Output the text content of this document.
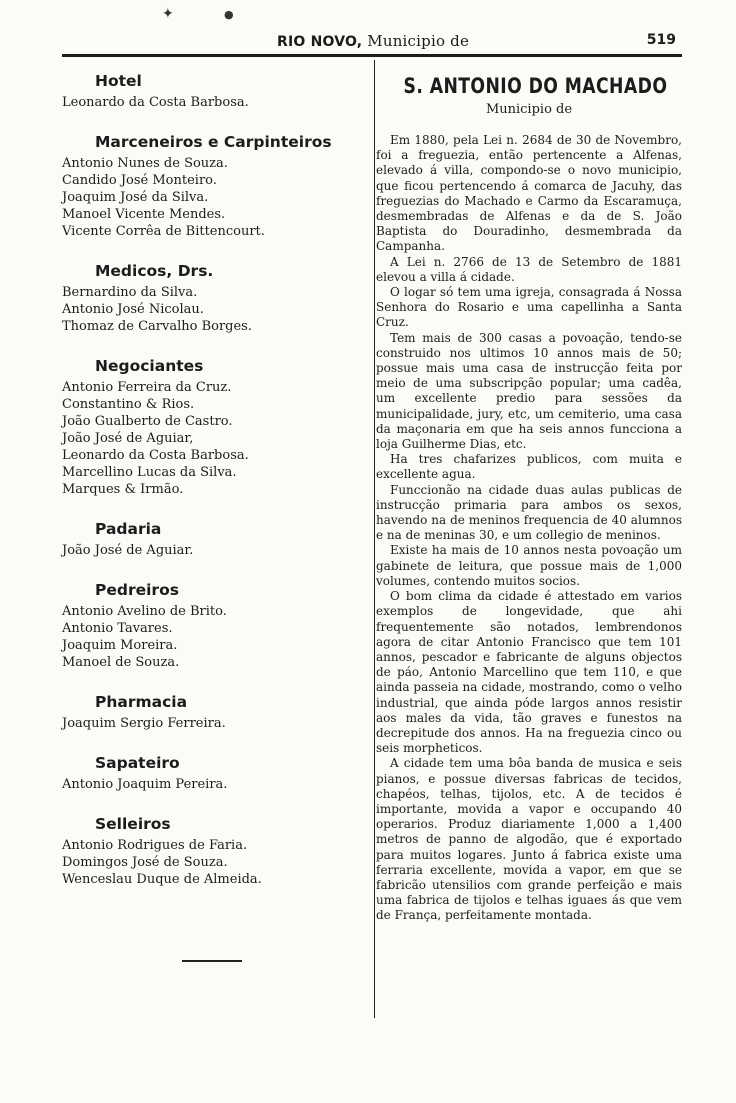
RIO NOVO, Municipio de	519
✦	●
Hotel
Leonardo da Costa Barbosa.
Marceneiros e Carpinteiros
Antonio Nunes de Souza.
Candido José Monteiro.
Joaquim José da Silva.
Manoel Vicente Mendes.
Vicente Corrêa de Bittencourt.
Medicos, Drs.
Bernardino da Silva.
Antonio José Nicolau.
Thomaz de Carvalho Borges.
Negociantes
Antonio Ferreira da Cruz.
Constantino & Rios.
João Gualberto de Castro.
João José de Aguiar,
Leonardo da Costa Barbosa.
Marcellino Lucas da Silva.
Marques & Irmão.
Padaria
João José de Aguiar.
Pedreiros
Antonio Avelino de Brito.
Antonio Tavares.
Joaquim Moreira.
Manoel de Souza.
Pharmacia
Joaquim Sergio Ferreira.
Sapateiro
Antonio Joaquim Pereira.
Selleiros
Antonio Rodrigues de Faria.
Domingos José de Souza.
Wenceslau Duque de Almeida.
S. ANTONIO DO MACHADO
Municipio de

Em 1880, pela Lei n. 2684 de 30 de Novembro, foi a freguezia, então pertencente a Alfenas, elevado á villa, compondo-se o novo municipio, que ficou pertencendo á comarca de Jacuhy, das freguezias do Machado e Carmo da Escaramuça, desmembradas de Alfenas e da de S. João Baptista do Douradinho, desmembrada da Campanha.

A Lei n. 2766 de 13 de Setembro de 1881 elevou a villa á cidade.

O logar só tem uma igreja, consagrada á Nossa Senhora do Rosario e uma capellinha a Santa Cruz.

Tem mais de 300 casas a povoação, tendo-se construido nos ultimos 10 annos mais de 50; possue mais uma casa de instrucção feita por meio de uma subscripção popular; uma cadêa, um excellente predio para sessões da municipalidade, jury, etc, um cemiterio, uma casa da maçonaria em que ha seis annos funcciona a loja Guilherme Dias, etc.

Ha tres chafarizes publicos, com muita e excellente agua.

Funccionão na cidade duas aulas publicas de instrucção primaria para ambos os sexos, havendo na de meninos frequencia de 40 alumnos e na de meninas 30, e um collegio de meninos.

Existe ha mais de 10 annos nesta povoação um gabinete de leitura, que possue mais de 1,000 volumes, contendo muitos socios.

O bom clima da cidade é attestado em varios exemplos de longevidade, que ahi frequentemente são notados, lembrendonos agora de citar Antonio Francisco que tem 101 annos, pescador e fabricante de alguns objectos de páo, Antonio Marcellino que tem 110, e que ainda passeia na cidade, mostrando, como o velho industrial, que ainda póde largos annos resistir aos males da vida, tão graves e funestos na decrepitude dos annos. Ha na freguezia cinco ou seis morpheticos.

A cidade tem uma bôa banda de musica e seis pianos, e possue diversas fabricas de tecidos, chapéos, telhas, tijolos, etc. A de tecidos é importante, movida a vapor e occupando 40 operarios. Produz diariamente 1,000 a 1,400 metros de panno de algodão, que é exportado para muitos logares. Junto á fabrica existe uma ferraria excellente, movida a vapor, em que se fabricão utensilios com grande perfeição e mais uma fabrica de tijolos e telhas iguaes ás que vem de França, perfeitamente montada.
